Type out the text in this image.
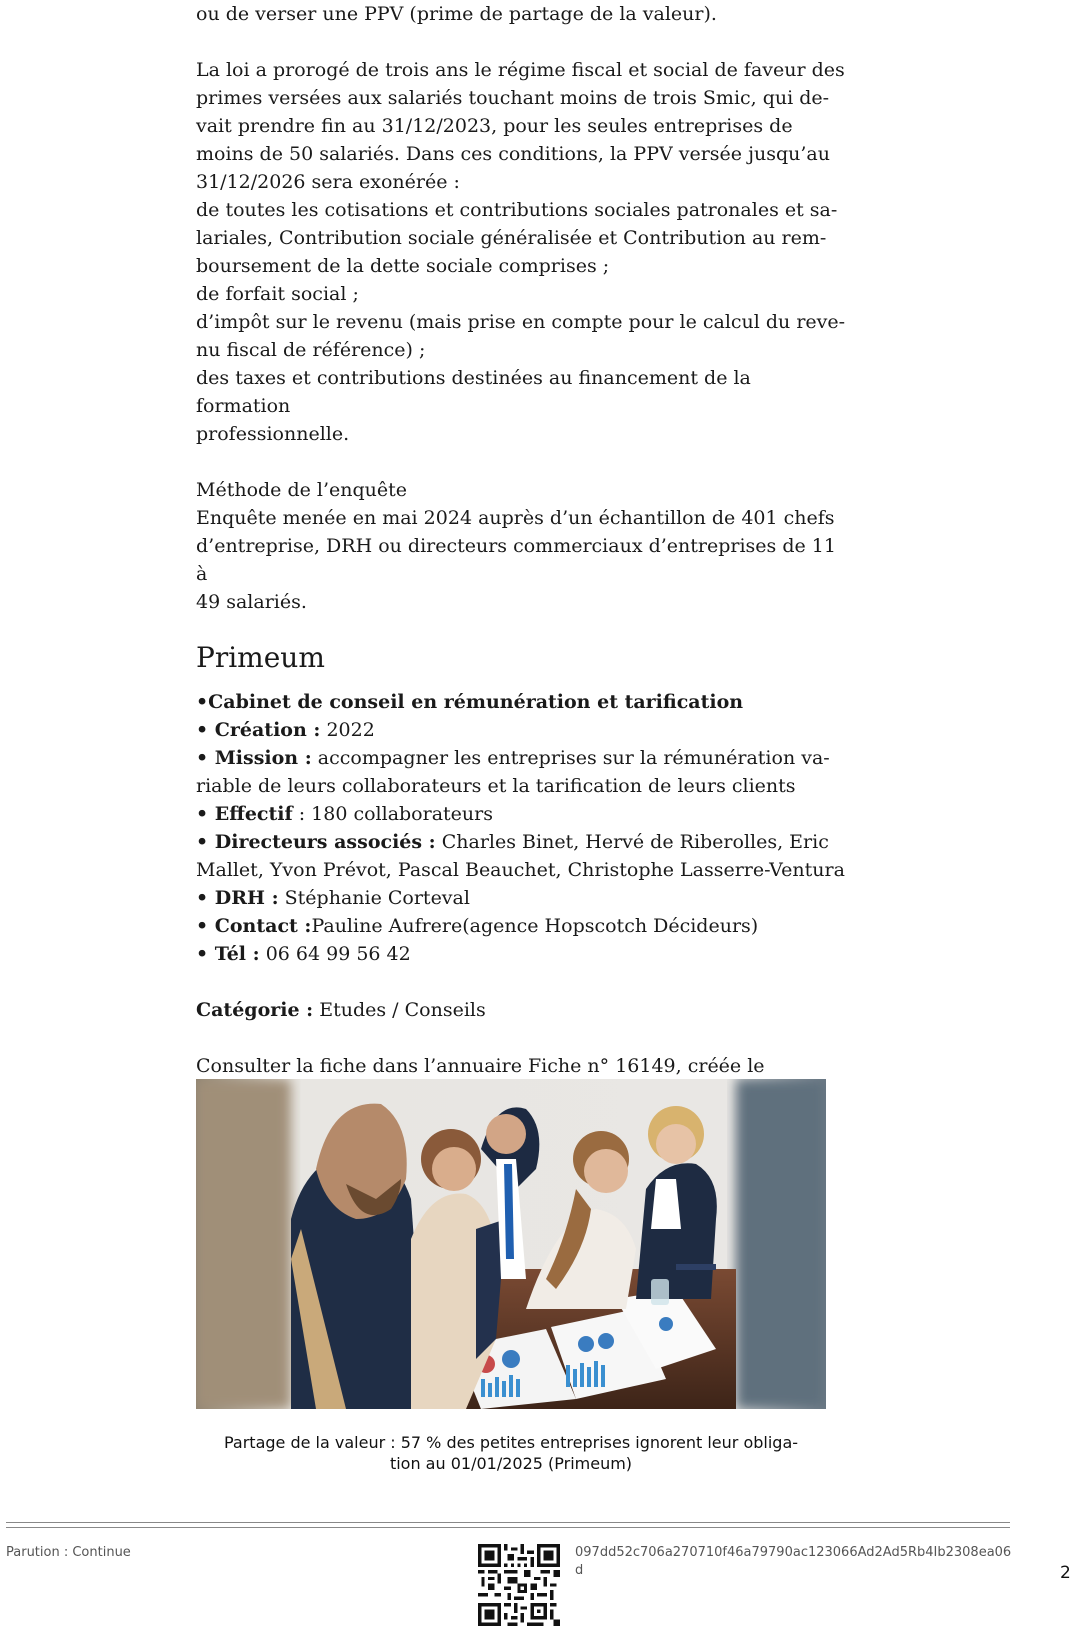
ou de verser une PPV (prime de partage de la valeur).

La loi a prorogé de trois ans le régime fiscal et social de faveur des

primes versées aux salariés touchant moins de trois Smic, qui de-

vait prendre fin au 31/12/2023, pour les seules entreprises de

moins de 50 salariés. Dans ces conditions, la PPV versée jusqu’au

31/12/2026 sera exonérée :

de toutes les cotisations et contributions sociales patronales et sa-

lariales, Contribution sociale généralisée et Contribution au rem-

boursement de la dette sociale comprises ;

de forfait social ;

d’impôt sur le revenu (mais prise en compte pour le calcul du reve-

nu fiscal de référence) ;

des taxes et contributions destinées au financement de la formation

professionnelle.

Méthode de l’enquête

Enquête menée en mai 2024 auprès d’un échantillon de 401 chefs

d’entreprise, DRH ou directeurs commerciaux d’entreprises de 11 à

49 salariés.

Primeum

•Cabinet de conseil en rémunération et tarification

• Création : 2022

• Mission : accompagner les entreprises sur la rémunération va-

riable de leurs collaborateurs et la tarification de leurs clients

• Effectif : 180 collaborateurs

• Directeurs associés : Charles Binet, Hervé de Riberolles, Eric

Mallet, Yvon Prévot, Pascal Beauchet, Christophe Lasserre-Ventura

• DRH : Stéphanie Corteval

• Contact :Pauline Aufrere(agence Hopscotch Décideurs)

• Tél : 06 64 99 56 42

Catégorie : Etudes / Conseils

Consulter la fiche dans l’annuaire Fiche n° 16149, créée le

Partage de la valeur : 57 % des petites entreprises ignorent leur obliga-
tion au 01/01/2025 (Primeum)
Parution : Continue	097dd52c706a270710f46a79790ac123066Ad2Ad5Rb4Ib2308ea06d	2
